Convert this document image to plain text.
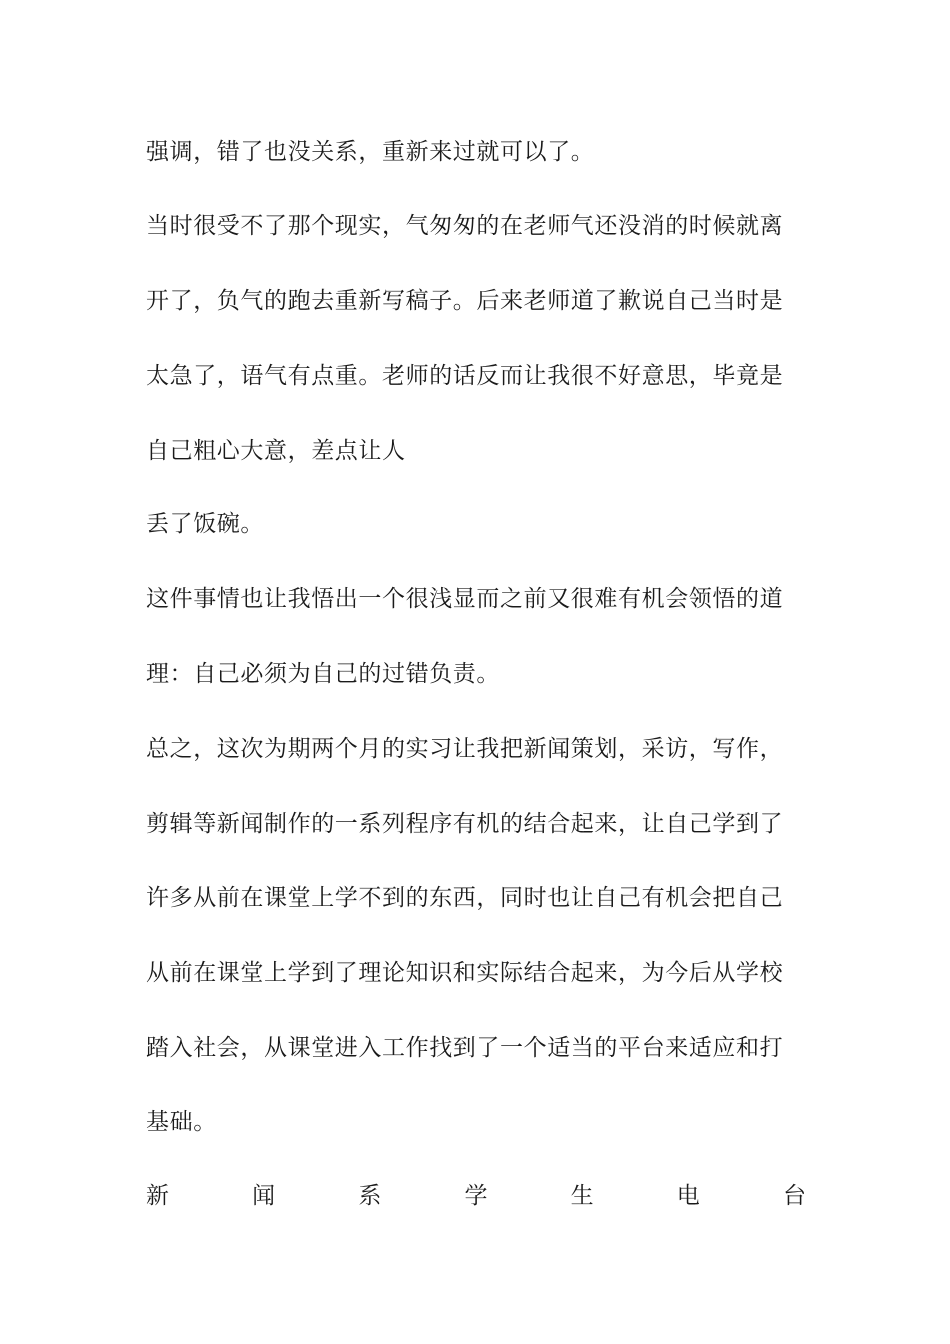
强调，错了也没关系，重新来过就可以了。
当时很受不了那个现实，气匆匆的在老师气还没消的时候就离
开了，负气的跑去重新写稿子。后来老师道了歉说自己当时是
太急了，语气有点重。老师的话反而让我很不好意思，毕竟是
自己粗心大意，差点让人
丢了饭碗。
这件事情也让我悟出一个很浅显而之前又很难有机会领悟的道
理：自己必须为自己的过错负责。
总之，这次为期两个月的实习让我把新闻策划，采访，写作，
剪辑等新闻制作的一系列程序有机的结合起来，让自己学到了
许多从前在课堂上学不到的东西，同时也让自己有机会把自己
从前在课堂上学到了理论知识和实际结合起来，为今后从学校
踏入社会，从课堂进入工作找到了一个适当的平台来适应和打
基础。
新	闻	系	学	生	电	台
